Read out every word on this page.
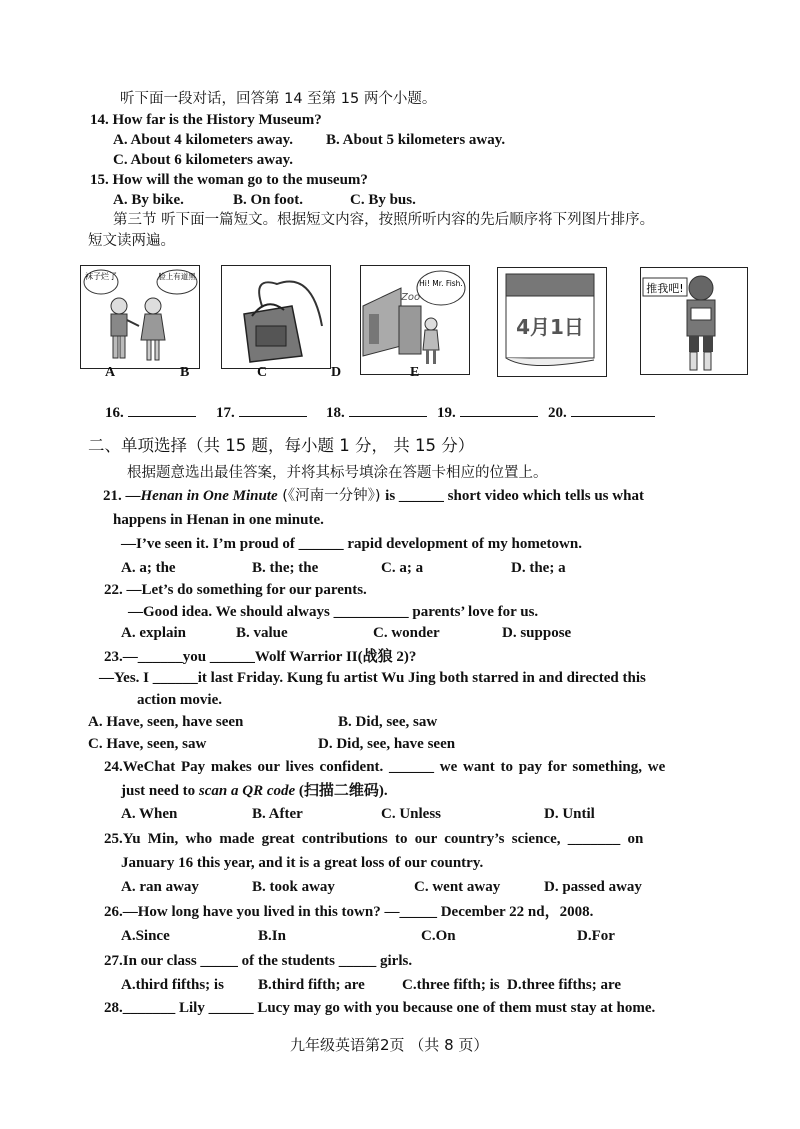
听下面一段对话，回答第 14 至第 15 两个小题。
14. How far is the History Museum?
A. About 4 kilometers away. B. About 5 kilometers away.
C. About 6 kilometers away.
15. How will the woman go to the museum?
A. By bike.	B. On foot.	C. By bus.
第三节 听下面一篇短文。根据短文内容，按照所听内容的先后顺序将下列图片排序。
短文读两遍。
袜子烂了	脸上有道黑
A	B
Zoo
Hi! Mr. Fish.
C
4月1日
D
推我吧!
E
16.	17.	18.	19.	20.
二、单项选择（共 15 题，每小题 1 分， 共 15 分）
根据题意选出最佳答案，并将其标号填涂在答题卡相应的位置上。
21. —Henan in One Minute (《河南一分钟》) is ______ short video which tells us what
happens in Henan in one minute.
—I’ve seen it. I’m proud of ______ rapid development of my hometown.
A. a; the	B. the; the	C. a; a	D. the; a
22. —Let’s do something for our parents.
—Good idea. We should always __________ parents’ love for us.
A. explain	B. value	C. wonder	D. suppose
23.—______you ______Wolf Warrior II(战狼 2)?
—Yes. I ______it last Friday. Kung fu artist Wu Jing both starred in and directed this
action movie.
A. Have, seen, have seen	B. Did, see, saw
C. Have, seen, saw	D. Did, see, have seen
24.WeChat Pay makes our lives confident. ______ we want to pay for something, we
just need to scan a QR code (扫描二维码).
A. When	B. After	C. Unless	D. Until
25.Yu Min, who made great contributions to our country’s science, _______ on
January 16 this year, and it is a great loss of our country.
A. ran away	B. took away	C. went away	D. passed away
26.—How long have you lived in this town? —_____ December 22 nd，2008.
A.Since	B.In	C.On	D.For
27.In our class _____ of the students _____ girls.
A.third fifths; is B.third fifth; are C.three fifth; is D.three fifths; are
28._______ Lily ______ Lucy may go with you because one of them must stay at home.
九年级英语第2页 （共 8 页）
